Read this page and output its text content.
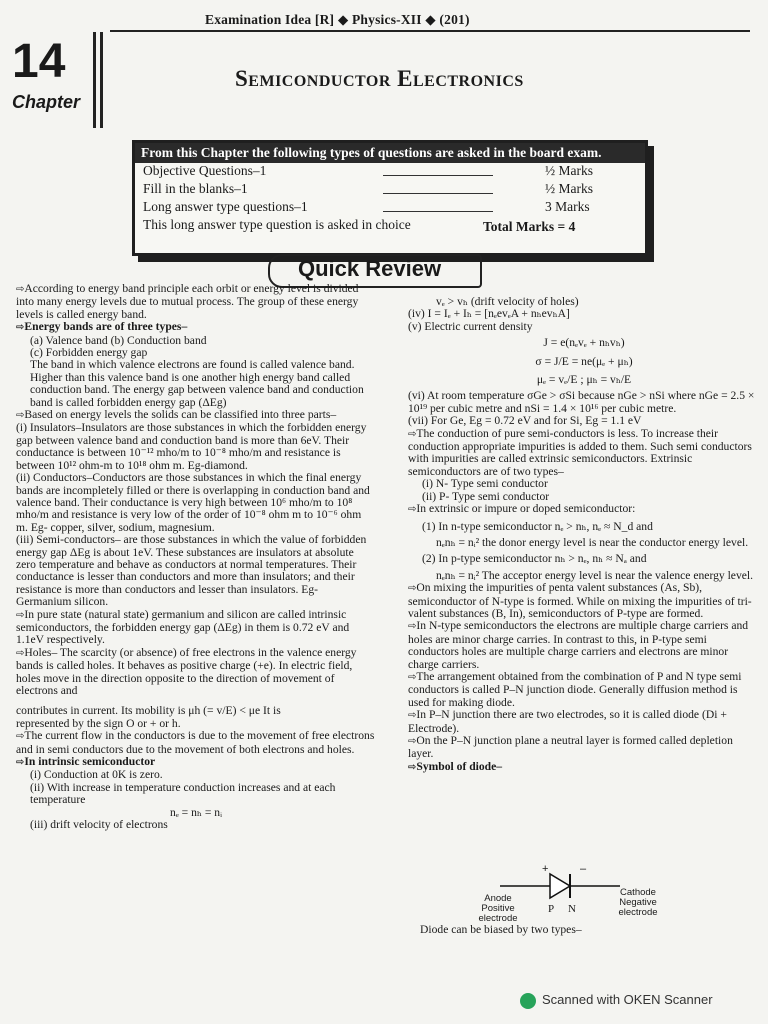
Examination Idea [R] ◆ Physics-XII ◆ (201)
14
Chapter
Semiconductor Electronics
From this Chapter the following types of questions are asked in the board exam.
Objective Questions–1	½ Marks
Fill in the blanks–1	½ Marks
Long answer type questions–1	3 Marks
This long answer type question is asked in choice	Total Marks = 4
Quick Review

⇨ According to energy band principle each orbit or energy level is divided into many energy levels due to mutual process. The group of these energy levels is called energy band.

⇨ Energy bands are of three types–

(a) Valence band (b) Conduction band

(c) Forbidden energy gap

The band in which valence electrons are found is called valence band. Higher than this valence band is one another high energy band called conduction band. The energy gap between valence band and conduction band is called forbidden energy gap (ΔEg)

⇨ Based on energy levels the solids can be classified into three parts–

(i) Insulators–Insulators are those substances in which the forbidden energy gap between valence band and conduction band is more than 6eV. Their conductance is between 10⁻¹² mho/m to 10⁻⁸ mho/m and resistance is between 10¹² ohm-m to 10¹⁸ ohm m. Eg-diamond.

(ii) Conductors–Conductors are those substances in which the final energy bands are incompletely filled or there is overlapping in conduction band and valence band. Their conductance is very high between 10⁶ mho/m to 10⁸ mho/m and resistance is very low of the order of 10⁻⁸ ohm m to 10⁻⁶ ohm m. Eg- copper, silver, sodium, magnesium.

(iii) Semi-conductors– are those substances in which the value of forbidden energy gap ΔEg is about 1eV. These substances are insulators at absolute zero temperature and behave as conductors at normal temperatures. Their conductance is lesser than conductors and more than insulators; and their resistance is more than conductors and lesser than insulators. Eg- Germanium silicon.

⇨ In pure state (natural state) germanium and silicon are called intrinsic semiconductors, the forbidden energy gap (ΔEg) in them is 0.72 eV and 1.1eV respectively.

⇨ Holes– The scarcity (or absence) of free electrons in the valence energy bands is called holes. It behaves as positive charge (+e). In electric field, holes move in the direction opposite to the direction of movement of electrons and

contributes in current. Its mobility is μh (= v/E) < μe It is

represented by the sign O or + or h.

⇨ The current flow in the conductors is due to the movement of free electrons and in semi conductors due to the movement of both electrons and holes.

⇨ In intrinsic semiconductor

(i) Conduction at 0K is zero.

(ii) With increase in temperature conduction increases and at each temperature

nₑ = nₕ = nᵢ

(iii) drift velocity of electrons

vₑ > vₕ (drift velocity of holes)

(iv) I = Iₑ + Iₕ = [nₑevₑA + nₕevₕA]

(v) Electric current density

J = e(nₑvₑ + nₕvₕ)

σ = J/E = ne(μₑ + μₕ)

μₑ = vₑ/E ; μₕ = vₕ/E

(vi) At room temperature σGe > σSi because nGe > nSi where nGe = 2.5 × 10¹⁹ per cubic metre and nSi = 1.4 × 10¹⁶ per cubic metre.

(vii) For Ge, Eg = 0.72 eV and for Si, Eg = 1.1 eV

⇨ The conduction of pure semi-conductors is less. To increase their conduction appropriate impurities is added to them. Such semi conductors with impurities are called extrinsic semiconductors. Extrinsic semiconductors are of two types–

(i) N- Type semi conductor

(ii) P- Type semi conductor

⇨ In extrinsic or impure or doped semiconductor:

(1) In n-type semiconductor nₑ > nₕ, nₑ ≈ N_d and

nₑnₕ = nᵢ² the donor energy level is near the conductor energy level.

(2) In p-type semiconductor nₕ > nₑ, nₕ ≈ Nₐ and

nₑnₕ = nᵢ² The acceptor energy level is near the valence energy level.

⇨ On mixing the impurities of penta valent substances (As, Sb), semiconductor of N-type is formed. While on mixing the impurities of tri-valent substances (B, In), semiconductors of P-type are formed.

⇨ In N-type semiconductors the electrons are multiple charge carriers and holes are minor charge carries. In contrast to this, in P-type semi conductors holes are multiple charge carriers and electrons are minor charge carriers.

⇨ The arrangement obtained from the combination of P and N type semi conductors is called P–N junction diode. Generally diffusion method is used for making diode.

⇨ In P–N junction there are two electrodes, so it is called diode (Di + Electrode).

⇨ On the P–N junction plane a neutral layer is formed called depletion layer.

⇨ Symbol of diode–

+	–
P N
Anode Positive electrode
Cathode Negative electrode

Diode can be biased by two types–

Scanned with OKEN Scanner
